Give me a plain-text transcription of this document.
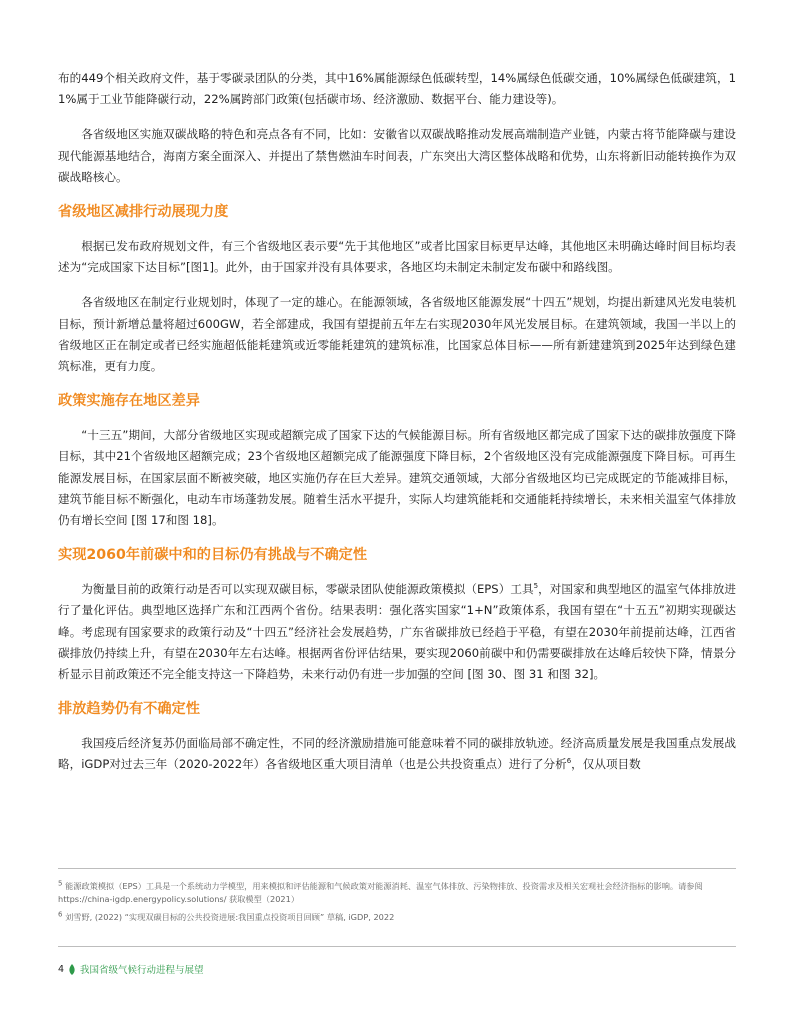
布的449个相关政府文件，基于零碳录团队的分类，其中16%属能源绿色低碳转型，14%属绿色低碳交通，10%属绿色低碳建筑，11%属于工业节能降碳行动，22%属跨部门政策(包括碳市场、经济激励、数据平台、能力建设等)。

各省级地区实施双碳战略的特色和亮点各有不同，比如：安徽省以双碳战略推动发展高端制造产业链，内蒙古将节能降碳与建设现代能源基地结合，海南方案全面深入、并提出了禁售燃油车时间表，广东突出大湾区整体战略和优势，山东将新旧动能转换作为双碳战略核心。

省级地区减排行动展现力度

根据已发布政府规划文件，有三个省级地区表示要“先于其他地区”或者比国家目标更早达峰，其他地区未明确达峰时间目标均表述为“完成国家下达目标”[图1]。此外，由于国家并没有具体要求，各地区均未制定未制定发布碳中和路线图。

各省级地区在制定行业规划时，体现了一定的雄心。在能源领域，各省级地区能源发展“十四五”规划，均提出新建风光发电装机目标，预计新增总量将超过600GW，若全部建成，我国有望提前五年左右实现2030年风光发展目标。在建筑领域，我国一半以上的省级地区正在制定或者已经实施超低能耗建筑或近零能耗建筑的建筑标准，比国家总体目标——所有新建建筑到2025年达到绿色建筑标准，更有力度。

政策实施存在地区差异

“十三五”期间，大部分省级地区实现或超额完成了国家下达的气候能源目标。所有省级地区都完成了国家下达的碳排放强度下降目标，其中21个省级地区超额完成；23个省级地区超额完成了能源强度下降目标，2个省级地区没有完成能源强度下降目标。可再生能源发展目标，在国家层面不断被突破，地区实施仍存在巨大差异。建筑交通领域，大部分省级地区均已完成既定的节能减排目标，建筑节能目标不断强化，电动车市场蓬勃发展。随着生活水平提升，实际人均建筑能耗和交通能耗持续增长，未来相关温室气体排放仍有增长空间 [图 17和图 18]。

实现2060年前碳中和的目标仍有挑战与不确定性

为衡量目前的政策行动是否可以实现双碳目标，零碳录团队使能源政策模拟（EPS）工具$^5$，对国家和典型地区的温室气体排放进行了量化评估。典型地区选择广东和江西两个省份。结果表明：强化落实国家“1+N”政策体系，我国有望在“十五五”初期实现碳达峰。考虑现有国家要求的政策行动及“十四五”经济社会发展趋势，广东省碳排放已经趋于平稳，有望在2030年前提前达峰，江西省碳排放仍持续上升，有望在2030年左右达峰。根据两省份评估结果，要实现2060前碳中和仍需要碳排放在达峰后较快下降，情景分析显示目前政策还不完全能支持这一下降趋势，未来行动仍有进一步加强的空间 [图 30、图 31 和图 32]。

排放趋势仍有不确定性

我国疫后经济复苏仍面临局部不确定性，不同的经济激励措施可能意味着不同的碳排放轨迹。经济高质量发展是我国重点发展战略，iGDP对过去三年（2020-2022年）各省级地区重大项目清单（也是公共投资重点）进行了分析$^6$，仅从项目数

$^5$ 能源政策模拟（EPS）工具是一个系统动力学模型，用来模拟和评估能源和气候政策对能源消耗、温室气体排放、污染物排放、投资需求及相关宏观社会经济指标的影响。请参阅https://china-igdp.energypolicy.solutions/ 获取模型（2021）
$^6$ 刘雪野, (2022) “实现双碳目标的公共投资进展:我国重点投资项目回顾” 草稿, iGDP, 2022
4 我国省级气候行动进程与展望
